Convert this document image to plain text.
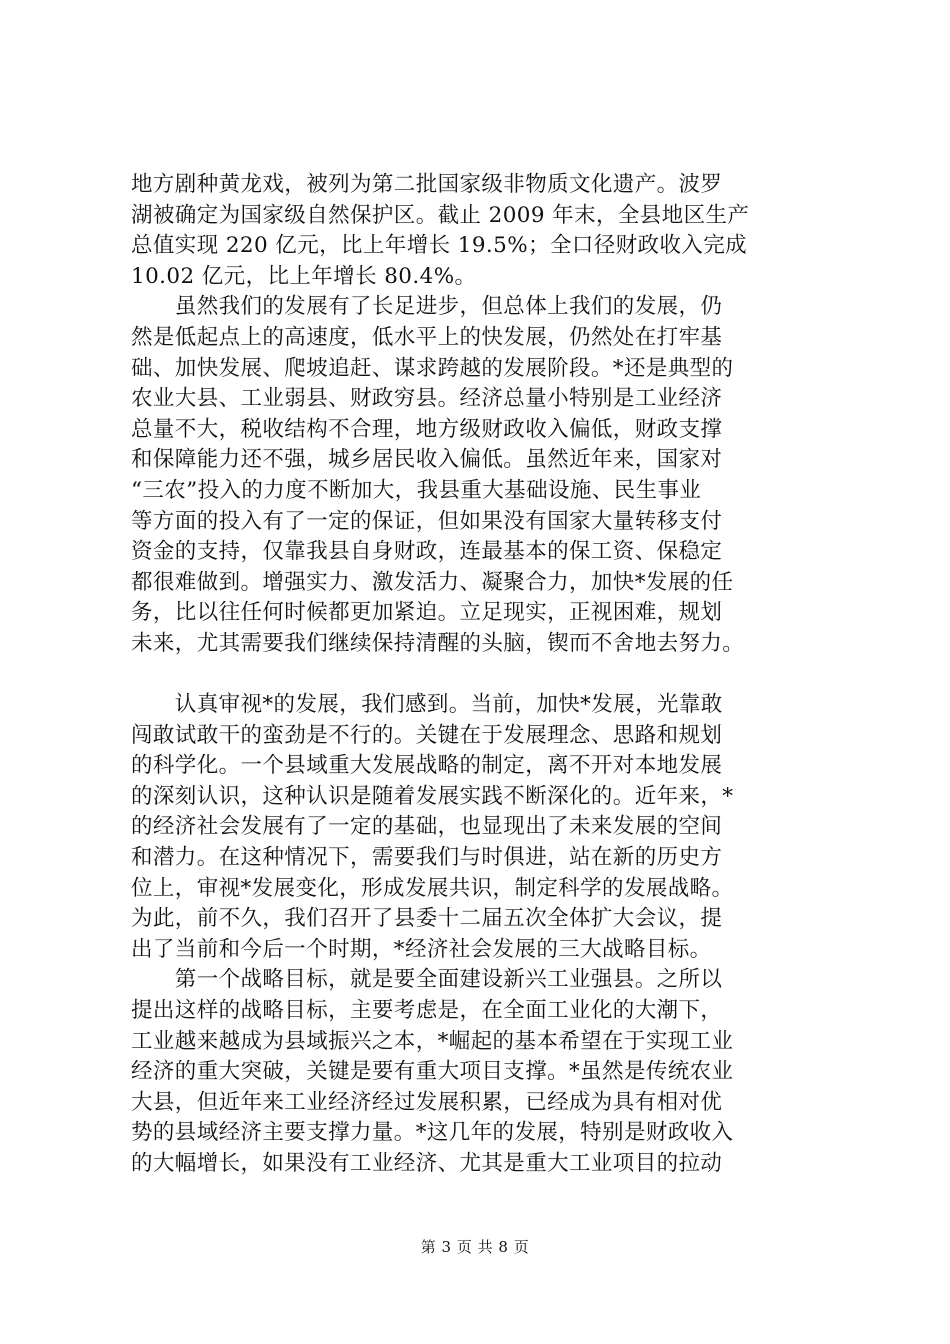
地方剧种黄龙戏，被列为第二批国家级非物质文化遗产。波罗
湖被确定为国家级自然保护区。截止 2009 年末，全县地区生产
总值实现 220 亿元，比上年增长 19.5%；全口径财政收入完成
10.02 亿元，比上年增长 80.4%。
　　虽然我们的发展有了长足进步，但总体上我们的发展，仍
然是低起点上的高速度，低水平上的快发展，仍然处在打牢基
础、加快发展、爬坡追赶、谋求跨越的发展阶段。*还是典型的
农业大县、工业弱县、财政穷县。经济总量小特别是工业经济
总量不大，税收结构不合理，地方级财政收入偏低，财政支撑
和保障能力还不强，城乡居民收入偏低。虽然近年来，国家对
“三农”投入的力度不断加大，我县重大基础设施、民生事业
等方面的投入有了一定的保证，但如果没有国家大量转移支付
资金的支持，仅靠我县自身财政，连最基本的保工资、保稳定
都很难做到。增强实力、激发活力、凝聚合力，加快*发展的任
务，比以往任何时候都更加紧迫。立足现实，正视困难，规划
未来，尤其需要我们继续保持清醒的头脑，锲而不舍地去努力。
　　认真审视*的发展，我们感到。当前，加快*发展，光靠敢
闯敢试敢干的蛮劲是不行的。关键在于发展理念、思路和规划
的科学化。一个县域重大发展战略的制定，离不开对本地发展
的深刻认识，这种认识是随着发展实践不断深化的。近年来，*
的经济社会发展有了一定的基础，也显现出了未来发展的空间
和潜力。在这种情况下，需要我们与时俱进，站在新的历史方
位上，审视*发展变化，形成发展共识，制定科学的发展战略。
为此，前不久，我们召开了县委十二届五次全体扩大会议，提
出了当前和今后一个时期，*经济社会发展的三大战略目标。
　　第一个战略目标，就是要全面建设新兴工业强县。之所以
提出这样的战略目标，主要考虑是，在全面工业化的大潮下，
工业越来越成为县域振兴之本，*崛起的基本希望在于实现工业
经济的重大突破，关键是要有重大项目支撑。*虽然是传统农业
大县，但近年来工业经济经过发展积累，已经成为具有相对优
势的县域经济主要支撑力量。*这几年的发展，特别是财政收入
的大幅增长，如果没有工业经济、尤其是重大工业项目的拉动
第 3 页 共 8 页
